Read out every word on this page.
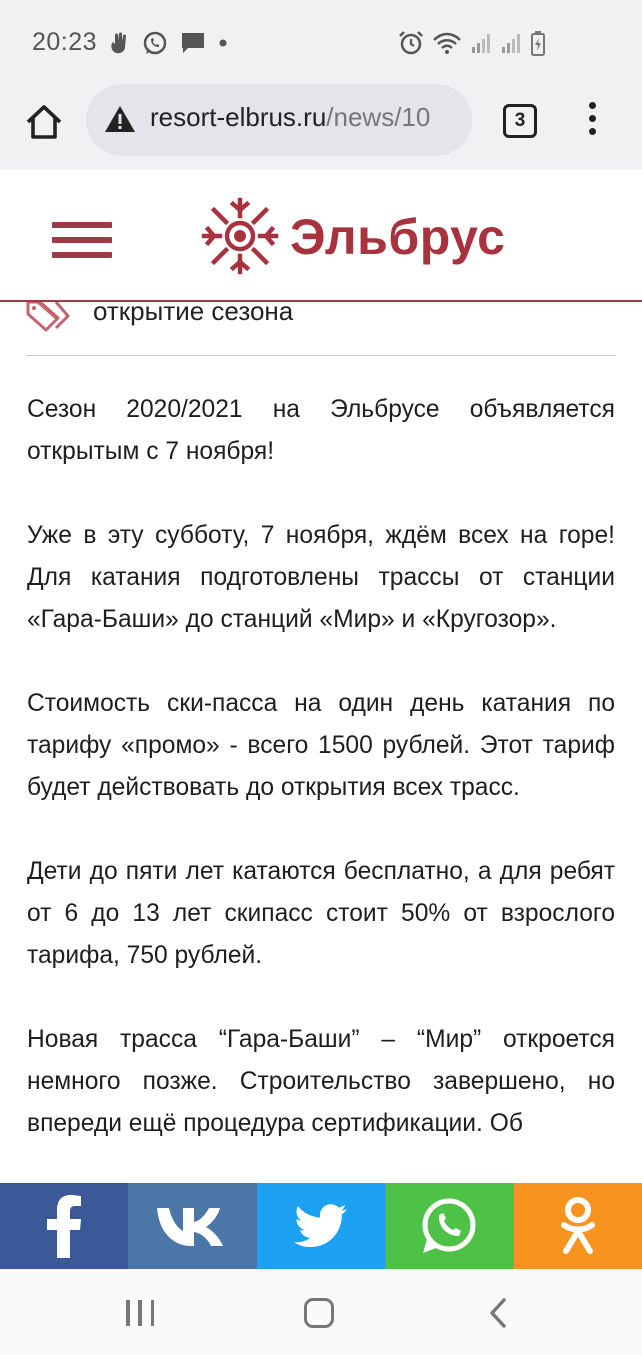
20:23
resort-elbrus.ru/news/10	3
Эльбрус
открытие сезона

Сезон 2020/2021 на Эльбрусе объявляется открытым с 7 ноября!

Уже в эту субботу, 7 ноября, ждём всех на горе! Для катания подготовлены трассы от станции «Гара-Баши» до станций «Мир» и «Кругозор».

Стоимость ски-пасса на один день катания по тарифу «промо» - всего 1500 рублей. Этот тариф будет действовать до открытия всех трасс.

Дети до пяти лет катаются бесплатно, а для ребят от 6 до 13 лет скипасс стоит 50% от взрослого тарифа, 750 рублей.

Новая трасса “Гара-Баши” – “Мир” откроется немного позже. Строительство завершено, но впереди ещё процедура сертификации. Об
